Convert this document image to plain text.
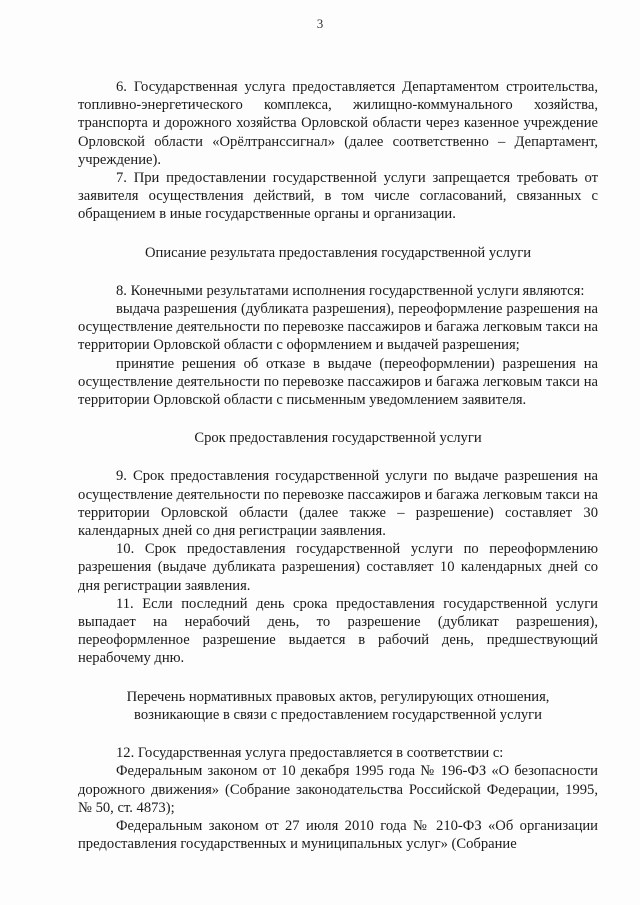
3

6. Государственная услуга предоставляется Департаментом строительства, топливно-энергетического комплекса, жилищно-коммунального хозяйства, транспорта и дорожного хозяйства Орловской области через казенное учреждение Орловской области «Орёлтранссигнал» (далее соответственно – Департамент, учреждение).

7. При предоставлении государственной услуги запрещается требовать от заявителя осуществления действий, в том числе согласований, связанных с обращением в иные государственные органы и организации.

Описание результата предоставления государственной услуги

8. Конечными результатами исполнения государственной услуги являются:

выдача разрешения (дубликата разрешения), переоформление разрешения на осуществление деятельности по перевозке пассажиров и багажа легковым такси на территории Орловской области с оформлением и выдачей разрешения;

принятие решения об отказе в выдаче (переоформлении) разрешения на осуществление деятельности по перевозке пассажиров и багажа легковым такси на территории Орловской области с письменным уведомлением заявителя.

Срок предоставления государственной услуги

9. Срок предоставления государственной услуги по выдаче разрешения на осуществление деятельности по перевозке пассажиров и багажа легковым такси на территории Орловской области (далее также – разрешение) составляет 30 календарных дней со дня регистрации заявления.

10. Срок предоставления государственной услуги по переоформлению разрешения (выдаче дубликата разрешения) составляет 10 календарных дней со дня регистрации заявления.

11. Если последний день срока предоставления государственной услуги выпадает на нерабочий день, то разрешение (дубликат разрешения), переоформленное разрешение выдается в рабочий день, предшествующий нерабочему дню.

Перечень нормативных правовых актов, регулирующих отношения,
возникающие в связи с предоставлением государственной услуги

12. Государственная услуга предоставляется в соответствии с:

Федеральным законом от 10 декабря 1995 года № 196-ФЗ «О безопасности дорожного движения» (Собрание законодательства Российской Федерации, 1995, № 50, ст. 4873);

Федеральным законом от 27 июля 2010 года № 210-ФЗ «Об организации предоставления государственных и муниципальных услуг» (Собрание
